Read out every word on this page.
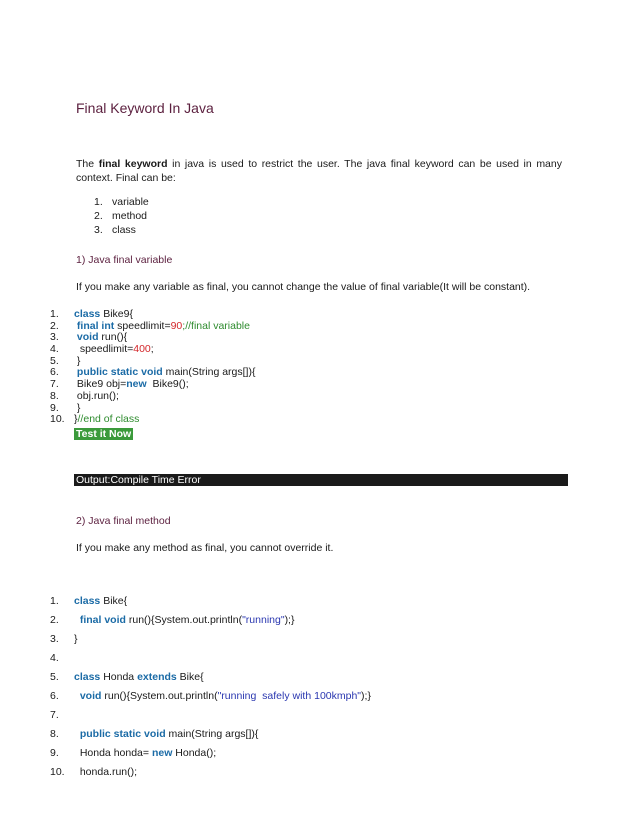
Final Keyword In Java
The final keyword in java is used to restrict the user. The java final keyword can be used in many context. Final can be:
1. variable
2. method
3. class
1) Java final variable
If you make any variable as final, you cannot change the value of final variable(It will be constant).
1. class Bike9{
2. final int speedlimit=90;//final variable
3. void run(){
4.  speedlimit=400;
5. }
6. public static void main(String args[]){
7. Bike9 obj=new  Bike9();
8. obj.run();
9. }
10. }//end of class
Test it Now
Output:Compile Time Error
2) Java final method
If you make any method as final, you cannot override it.
1. class Bike{
2. final void run(){System.out.println("running");}
3. }
4.
5. class Honda extends Bike{
6. void run(){System.out.println("running  safely with 100kmph");}
7.
8. public static void main(String args[]){
9.  Honda honda= new Honda();
10.  honda.run();
